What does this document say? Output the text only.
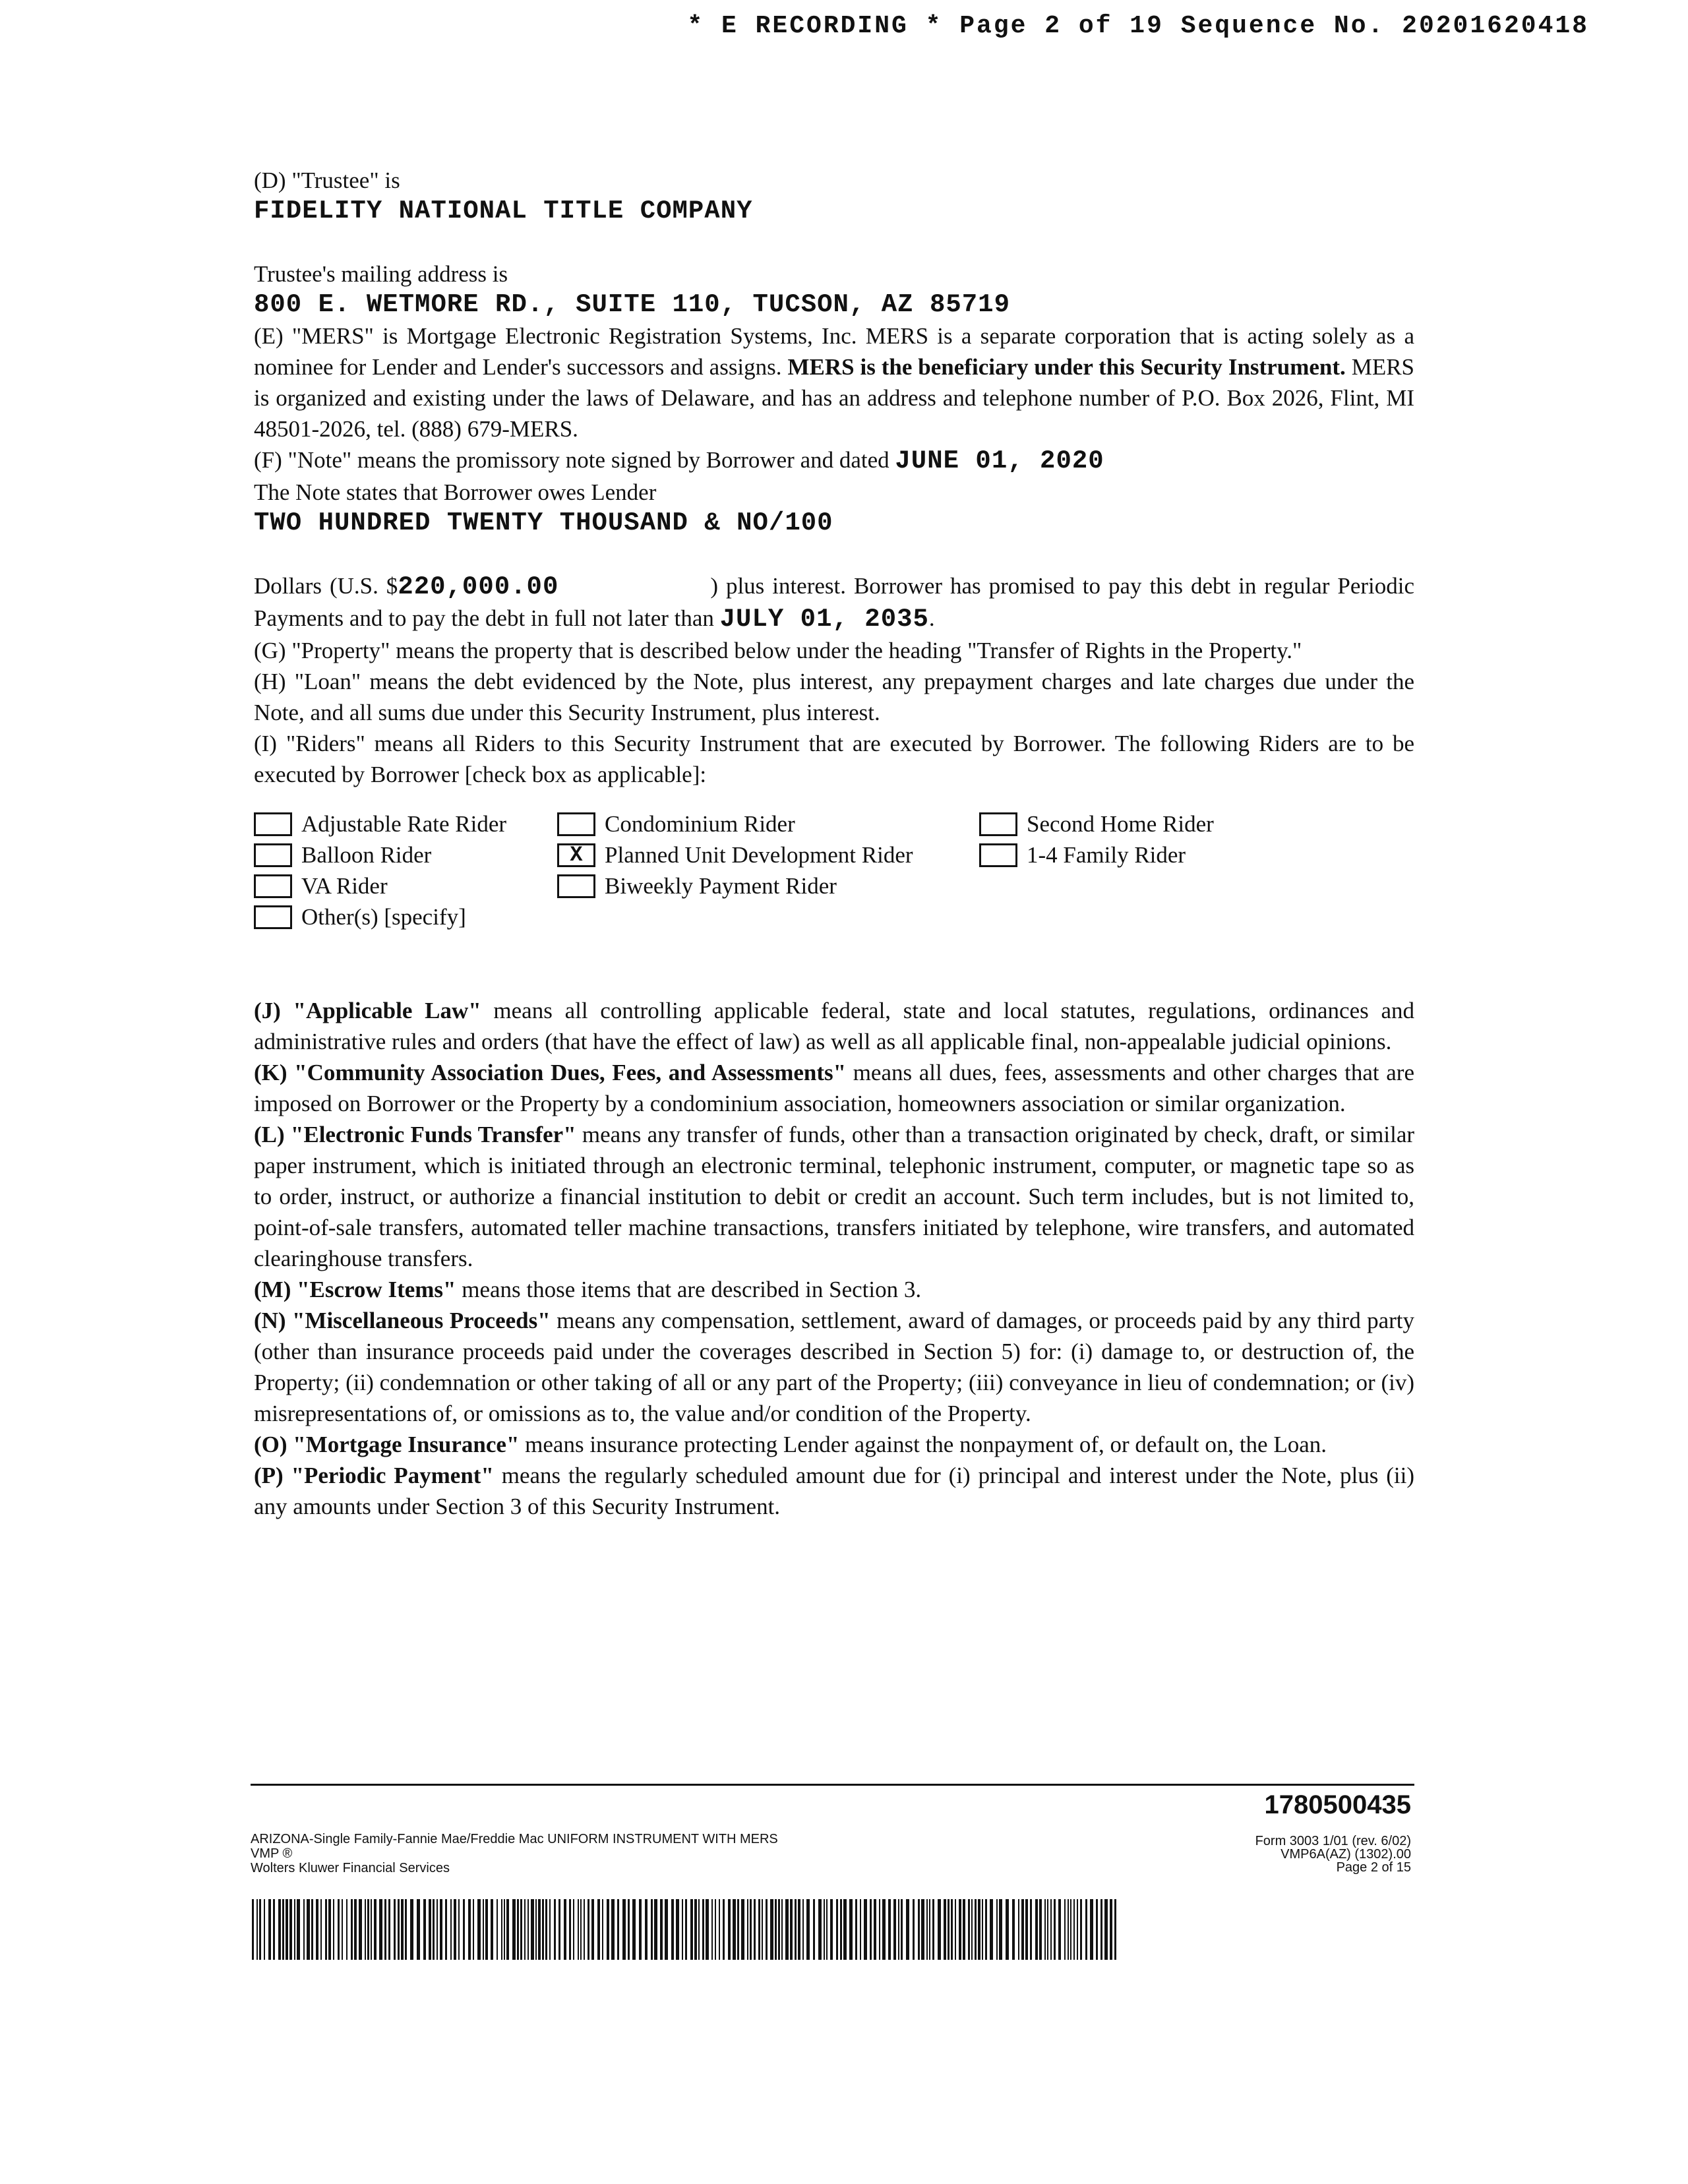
* E RECORDING * Page 2 of 19 Sequence No. 20201620418

(D) "Trustee" is

FIDELITY NATIONAL TITLE COMPANY

Trustee's mailing address is

800 E. WETMORE RD., SUITE 110, TUCSON, AZ 85719

(E) "MERS" is Mortgage Electronic Registration Systems, Inc. MERS is a separate corporation that is acting solely as a nominee for Lender and Lender's successors and assigns. MERS is the beneficiary under this Security Instrument. MERS is organized and existing under the laws of Delaware, and has an address and telephone number of P.O. Box 2026, Flint, MI 48501-2026, tel. (888) 679-MERS.

(F) "Note" means the promissory note signed by Borrower and dated JUNE 01, 2020

The Note states that Borrower owes Lender

TWO HUNDRED TWENTY THOUSAND & NO/100

Dollars (U.S. $220,000.00	) plus interest. Borrower has promised to pay this debt in regular Periodic Payments and to pay the debt in full not later than JULY 01, 2035.

(G) "Property" means the property that is described below under the heading "Transfer of Rights in the Property."

(H) "Loan" means the debt evidenced by the Note, plus interest, any prepayment charges and late charges due under the Note, and all sums due under this Security Instrument, plus interest.

(I) "Riders" means all Riders to this Security Instrument that are executed by Borrower. The following Riders are to be executed by Borrower [check box as applicable]:

Adjustable Rate Rider	Condominium Rider	Second Home Rider
Balloon Rider	X Planned Unit Development Rider	1-4 Family Rider
VA Rider	Biweekly Payment Rider
Other(s) [specify]

(J) "Applicable Law" means all controlling applicable federal, state and local statutes, regulations, ordinances and administrative rules and orders (that have the effect of law) as well as all applicable final, non-appealable judicial opinions.

(K) "Community Association Dues, Fees, and Assessments" means all dues, fees, assessments and other charges that are imposed on Borrower or the Property by a condominium association, homeowners association or similar organization.

(L) "Electronic Funds Transfer" means any transfer of funds, other than a transaction originated by check, draft, or similar paper instrument, which is initiated through an electronic terminal, telephonic instrument, computer, or magnetic tape so as to order, instruct, or authorize a financial institution to debit or credit an account. Such term includes, but is not limited to, point-of-sale transfers, automated teller machine transactions, transfers initiated by telephone, wire transfers, and automated clearinghouse transfers.

(M) "Escrow Items" means those items that are described in Section 3.

(N) "Miscellaneous Proceeds" means any compensation, settlement, award of damages, or proceeds paid by any third party (other than insurance proceeds paid under the coverages described in Section 5) for: (i) damage to, or destruction of, the Property; (ii) condemnation or other taking of all or any part of the Property; (iii) conveyance in lieu of condemnation; or (iv) misrepresentations of, or omissions as to, the value and/or condition of the Property.

(O) "Mortgage Insurance" means insurance protecting Lender against the nonpayment of, or default on, the Loan.

(P) "Periodic Payment" means the regularly scheduled amount due for (i) principal and interest under the Note, plus (ii) any amounts under Section 3 of this Security Instrument.

1780500435
ARIZONA-Single Family-Fannie Mae/Freddie Mac UNIFORM INSTRUMENT WITH MERS
VMP ®
Wolters Kluwer Financial Services
Form 3003 1/01 (rev. 6/02)
VMP6A(AZ) (1302).00
Page 2 of 15
